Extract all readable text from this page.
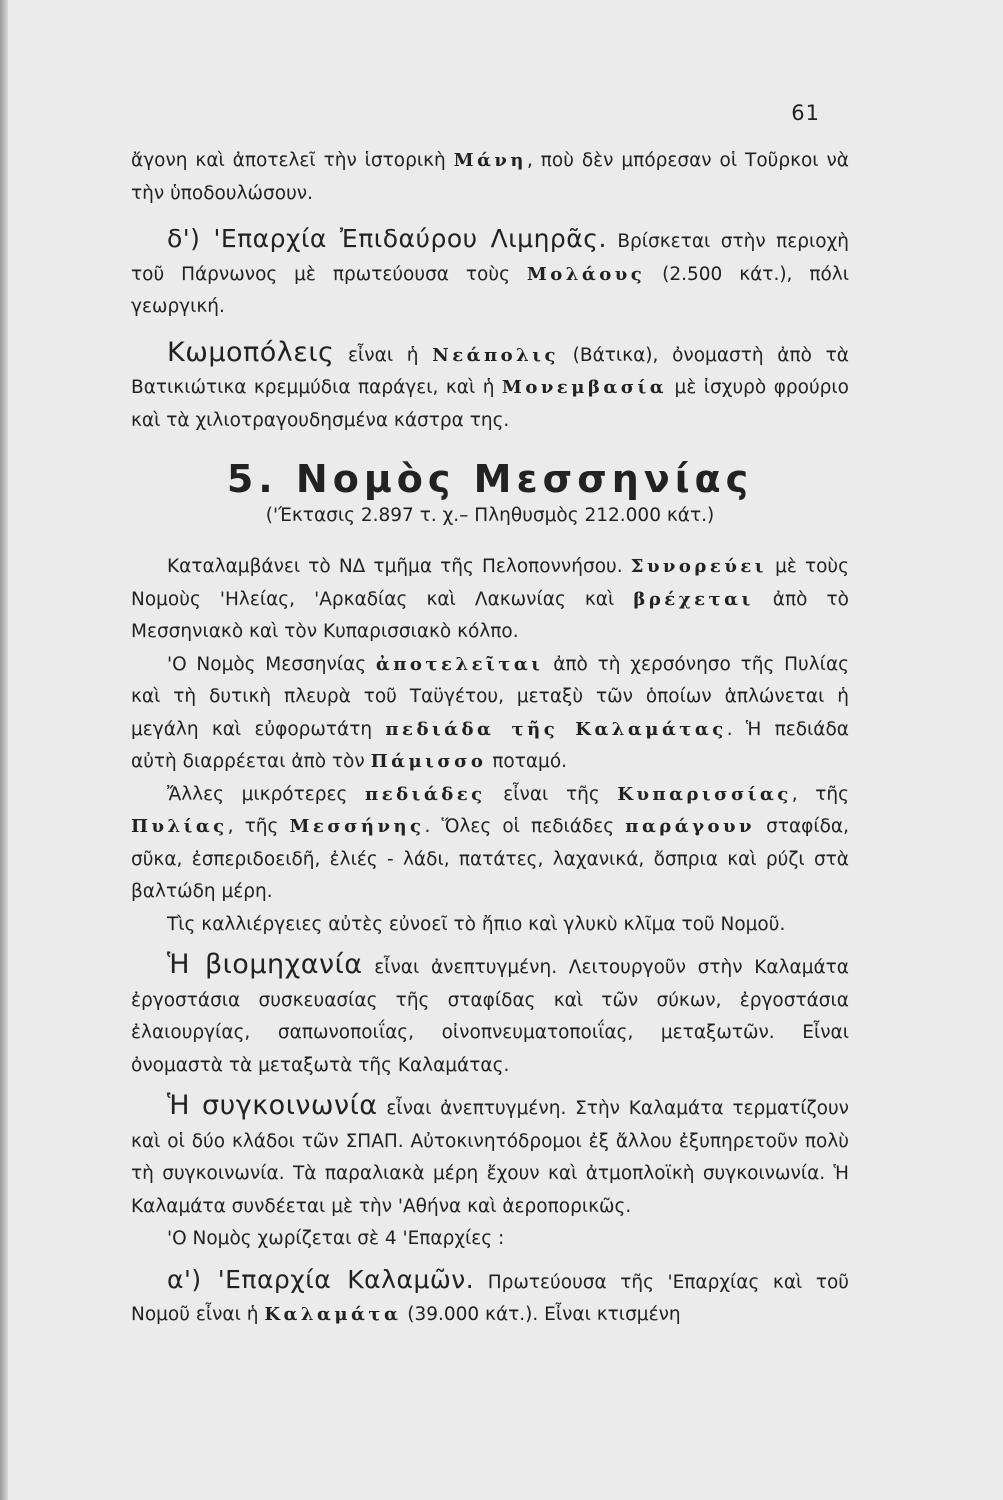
61

ἄγονη καὶ ἀποτελεῖ τὴν ἱστορικὴ Μάνη, ποὺ δὲν μπόρεσαν οἱ Τοῦρκοι νὰ τὴν ὑποδουλώσουν.

δ') 'Επαρχία Ἐπιδαύρου Λιμηρᾶς. Βρίσκεται στὴν περιοχὴ τοῦ Πάρνωνος μὲ πρωτεύουσα τοὺς Μολάους (2.500 κάτ.), πόλι γεωργική.

Κωμοπόλεις εἶναι ἡ Νεάπολις (Βάτικα), ὀνομαστὴ ἀπὸ τὰ Βατικιώτικα κρεμμύδια παράγει, καὶ ἡ Μονεμβασία μὲ ἰσχυρὸ φρούριο καὶ τὰ χιλιοτραγουδησμένα κάστρα της.

5. Νομὸς Μεσσηνίας

('Έκτασις 2.897 τ. χ.– Πληθυσμὸς 212.000 κάτ.)

Καταλαμβάνει τὸ ΝΔ τμῆμα τῆς Πελοποννήσου. Συνορεύει μὲ τοὺς Νομοὺς 'Ηλείας, 'Αρκαδίας καὶ Λακωνίας καὶ βρέχεται ἀπὸ τὸ Μεσσηνιακὸ καὶ τὸν Κυπαρισσιακὸ κόλπο.

'Ο Νομὸς Μεσσηνίας ἀποτελεῖται ἀπὸ τὴ χερσόνησο τῆς Πυλίας καὶ τὴ δυτικὴ πλευρὰ τοῦ Ταϋγέτου, μεταξὺ τῶν ὁποίων ἁπλώνεται ἡ μεγάλη καὶ εὐφορωτάτη πεδιάδα τῆς Καλαμάτας. Ἡ πεδιάδα αὐτὴ διαρρέεται ἀπὸ τὸν Πάμισσο ποταμό.

Ἄλλες μικρότερες πεδιάδες εἶναι τῆς Κυπαρισσίας, τῆς Πυλίας, τῆς Μεσσήνης. Ὅλες οἱ πεδιάδες παράγουν σταφίδα, σῦκα, ἐσπεριδοειδῆ, ἐλιές - λάδι, πατάτες, λαχανικά, ὄσπρια καὶ ρύζι στὰ βαλτώδη μέρη.

Τὶς καλλιέργειες αὐτὲς εὐνοεῖ τὸ ἤπιο καὶ γλυκὺ κλῖμα τοῦ Νομοῦ.

Ἡ βιομηχανία εἶναι ἀνεπτυγμένη. Λειτουργοῦν στὴν Καλαμάτα ἐργοστάσια συσκευασίας τῆς σταφίδας καὶ τῶν σύκων, ἐργοστάσια ἐλαιουργίας, σαπωνοποιΐας, οἰνοπνευματοποιΐας, μεταξωτῶν. Εἶναι ὀνομαστὰ τὰ μεταξωτὰ τῆς Καλαμάτας.

Ἡ συγκοινωνία εἶναι ἀνεπτυγμένη. Στὴν Καλαμάτα τερματίζουν καὶ οἱ δύο κλάδοι τῶν ΣΠΑΠ. Αὐτοκινητόδρομοι ἐξ ἄλλου ἐξυπηρετοῦν πολὺ τὴ συγκοινωνία. Τὰ παραλιακὰ μέρη ἔχουν καὶ ἀτμοπλοϊκὴ συγκοινωνία. Ἡ Καλαμάτα συνδέεται μὲ τὴν 'Αθήνα καὶ ἀεροπορικῶς.

'Ο Νομὸς χωρίζεται σὲ 4 'Επαρχίες :

α') 'Επαρχία Καλαμῶν. Πρωτεύουσα τῆς 'Επαρχίας καὶ τοῦ Νομοῦ εἶναι ἡ Καλαμάτα (39.000 κάτ.). Εἶναι κτισμένη
